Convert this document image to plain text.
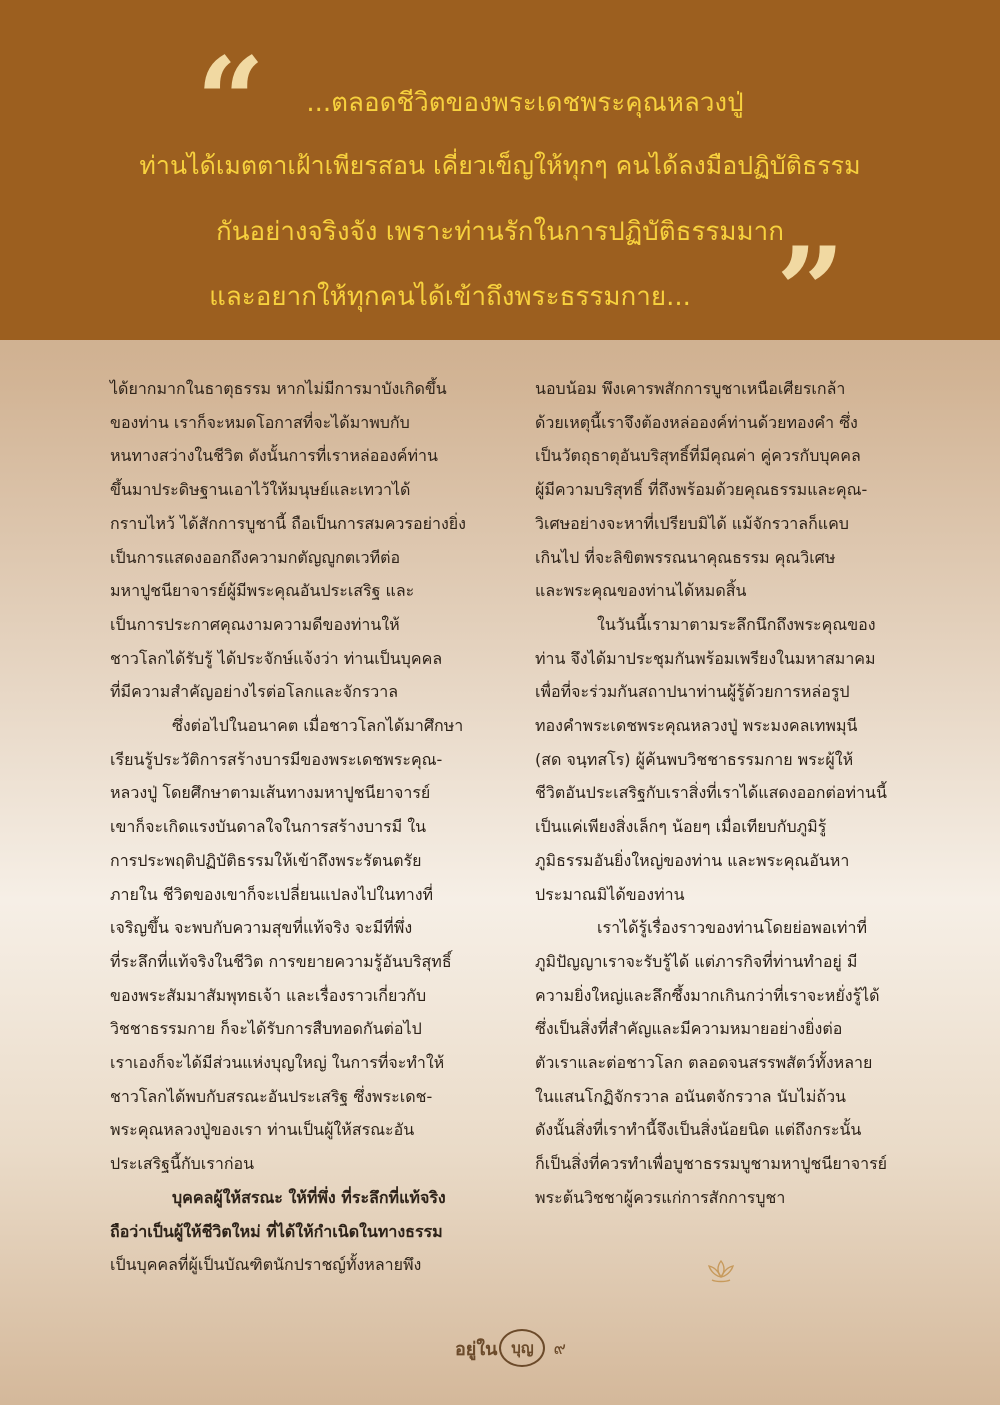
“	...ตลอดชีวิตของพระเดชพระคุณหลวงปู่
ท่านได้เมตตาเฝ้าเพียรสอน เคี่ยวเข็ญให้ทุกๆ คนได้ลงมือปฏิบัติธรรม
กันอย่างจริงจัง เพราะท่านรักในการปฏิบัติธรรมมาก
และอยากให้ทุกคนได้เข้าถึงพระธรรมกาย... ”

ได้ยากมากในธาตุธรรม หากไม่มีการมาบังเกิดขึ้น

ของท่าน เราก็จะหมดโอกาสที่จะได้มาพบกับ

หนทางสว่างในชีวิต ดังนั้นการที่เราหล่อองค์ท่าน

ขึ้นมาประดิษฐานเอาไว้ให้มนุษย์และเทวาได้

กราบไหว้ ได้สักการบูชานี้ ถือเป็นการสมควรอย่างยิ่ง

เป็นการแสดงออกถึงความกตัญญูกตเวทีต่อ

มหาปูชนียาจารย์ผู้มีพระคุณอันประเสริฐ และ

เป็นการประกาศคุณงามความดีของท่านให้

ชาวโลกได้รับรู้ ได้ประจักษ์แจ้งว่า ท่านเป็นบุคคล

ที่มีความสำคัญอย่างไรต่อโลกและจักรวาล

ซึ่งต่อไปในอนาคต เมื่อชาวโลกได้มาศึกษา

เรียนรู้ประวัติการสร้างบารมีของพระเดชพระคุณ-

หลวงปู่ โดยศึกษาตามเส้นทางมหาปูชนียาจารย์

เขาก็จะเกิดแรงบันดาลใจในการสร้างบารมี ใน

การประพฤติปฏิบัติธรรมให้เข้าถึงพระรัตนตรัย

ภายใน ชีวิตของเขาก็จะเปลี่ยนแปลงไปในทางที่

เจริญขึ้น จะพบกับความสุขที่แท้จริง จะมีที่พึ่ง

ที่ระลึกที่แท้จริงในชีวิต การขยายความรู้อันบริสุทธิ์

ของพระสัมมาสัมพุทธเจ้า และเรื่องราวเกี่ยวกับ

วิชชาธรรมกาย ก็จะได้รับการสืบทอดกันต่อไป

เราเองก็จะได้มีส่วนแห่งบุญใหญ่ ในการที่จะทำให้

ชาวโลกได้พบกับสรณะอันประเสริฐ ซึ่งพระเดช-

พระคุณหลวงปู่ของเรา ท่านเป็นผู้ให้สรณะอัน

ประเสริฐนี้กับเราก่อน

บุคคลผู้ให้สรณะ ให้ที่พึ่ง ที่ระลึกที่แท้จริง

ถือว่าเป็นผู้ให้ชีวิตใหม่ ที่ได้ให้กำเนิดในทางธรรม

เป็นบุคคลที่ผู้เป็นบัณฑิตนักปราชญ์ทั้งหลายพึง

นอบน้อม พึงเคารพสักการบูชาเหนือเศียรเกล้า

ด้วยเหตุนี้เราจึงต้องหล่อองค์ท่านด้วยทองคำ ซึ่ง

เป็นวัตถุธาตุอันบริสุทธิ์ที่มีคุณค่า คู่ควรกับบุคคล

ผู้มีความบริสุทธิ์ ที่ถึงพร้อมด้วยคุณธรรมและคุณ-

วิเศษอย่างจะหาที่เปรียบมิได้ แม้จักรวาลก็แคบ

เกินไป ที่จะลิขิตพรรณนาคุณธรรม คุณวิเศษ

และพระคุณของท่านได้หมดสิ้น

ในวันนี้เรามาตามระลึกนึกถึงพระคุณของ

ท่าน จึงได้มาประชุมกันพร้อมเพรียงในมหาสมาคม

เพื่อที่จะร่วมกันสถาปนาท่านผู้รู้ด้วยการหล่อรูป

ทองคำพระเดชพระคุณหลวงปู่ พระมงคลเทพมุนี

(สด จนฺทสโร) ผู้ค้นพบวิชชาธรรมกาย พระผู้ให้

ชีวิตอันประเสริฐกับเราสิ่งที่เราได้แสดงออกต่อท่านนี้

เป็นแค่เพียงสิ่งเล็กๆ น้อยๆ เมื่อเทียบกับภูมิรู้

ภูมิธรรมอันยิ่งใหญ่ของท่าน และพระคุณอันหา

ประมาณมิได้ของท่าน

เราได้รู้เรื่องราวของท่านโดยย่อพอเท่าที่

ภูมิปัญญาเราจะรับรู้ได้ แต่ภารกิจที่ท่านทำอยู่ มี

ความยิ่งใหญ่และลึกซึ้งมากเกินกว่าที่เราจะหยั่งรู้ได้

ซึ่งเป็นสิ่งที่สำคัญและมีความหมายอย่างยิ่งต่อ

ตัวเราและต่อชาวโลก ตลอดจนสรรพสัตว์ทั้งหลาย

ในแสนโกฏิจักรวาล อนันตจักรวาล นับไม่ถ้วน

ดังนั้นสิ่งที่เราทำนี้จึงเป็นสิ่งน้อยนิด แต่ถึงกระนั้น

ก็เป็นสิ่งที่ควรทำเพื่อบูชาธรรมบูชามหาปูชนียาจารย์

พระต้นวิชชาผู้ควรแก่การสักการบูชา

อยู่ใน บุญ ๙
